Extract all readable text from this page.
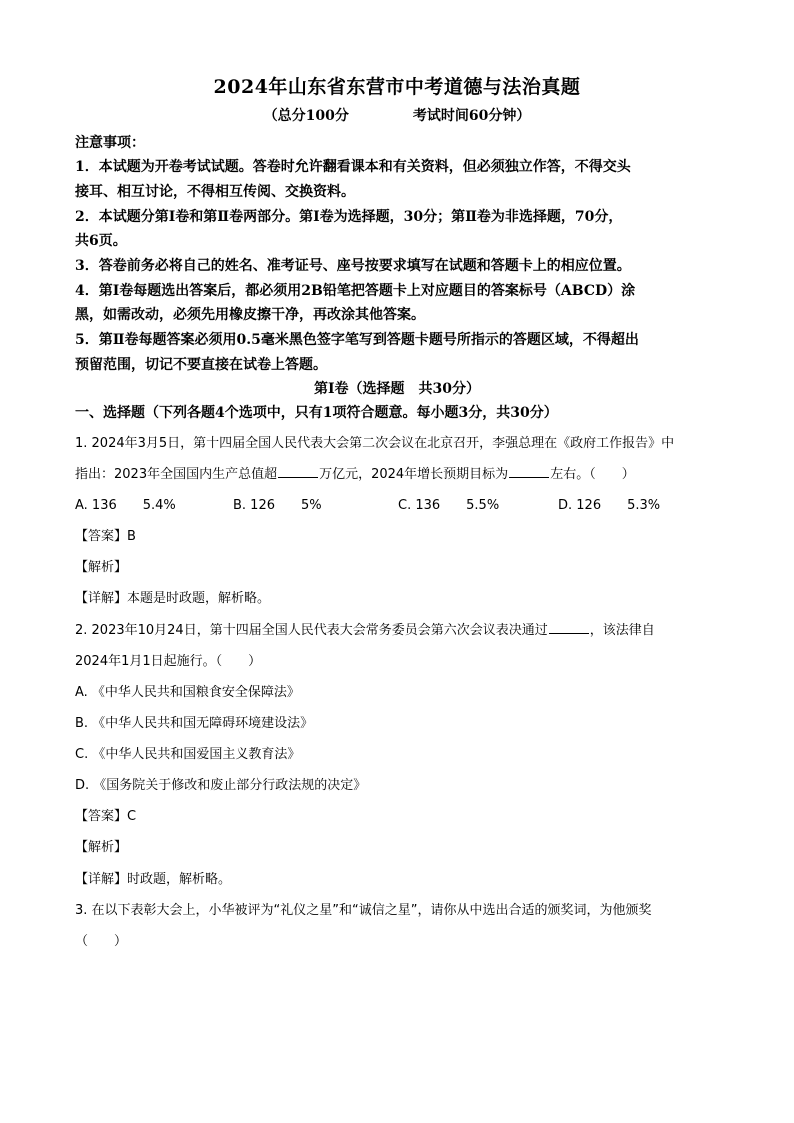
2024年山东省东营市中考道德与法治真题
（总分100分	考试时间60分钟）
注意事项：
1．本试题为开卷考试试题。答卷时允许翻看课本和有关资料，但必须独立作答，不得交头
接耳、相互讨论，不得相互传阅、交换资料。
2．本试题分第Ⅰ卷和第Ⅱ卷两部分。第Ⅰ卷为选择题，30分；第Ⅱ卷为非选择题，70分，
共6页。
3．答卷前务必将自己的姓名、准考证号、座号按要求填写在试题和答题卡上的相应位置。
4．第Ⅰ卷每题选出答案后，都必须用2B铅笔把答题卡上对应题目的答案标号（ABCD）涂
黑，如需改动，必须先用橡皮擦干净，再改涂其他答案。
5．第Ⅱ卷每题答案必须用0.5毫米黑色签字笔写到答题卡题号所指示的答题区域，不得超出
预留范围，切记不要直接在试卷上答题。
第Ⅰ卷（选择题　共30分）
一、选择题（下列各题4个选项中，只有1项符合题意。每小题3分，共30分）
1. 2024年3月5日，第十四届全国人民代表大会第二次会议在北京召开，李强总理在《政府工作报告》中
指出：2023年全国国内生产总值超	万亿元，2024年增长预期目标为	左右。（　　）
A. 136　　5.4%	B. 126　　5%	C. 136　　5.5%	D. 126　　5.3%
【答案】B
【解析】
【详解】本题是时政题，解析略。
2. 2023年10月24日，第十四届全国人民代表大会常务委员会第六次会议表决通过	，该法律自
2024年1月1日起施行。（　　）
A. 《中华人民共和国粮食安全保障法》
B. 《中华人民共和国无障碍环境建设法》
C. 《中华人民共和国爱国主义教育法》
D. 《国务院关于修改和废止部分行政法规的决定》
【答案】C
【解析】
【详解】时政题，解析略。
3. 在以下表彰大会上，小华被评为“礼仪之星”和“诚信之星”，请你从中选出合适的颁奖词，为他颁奖
（　　）
